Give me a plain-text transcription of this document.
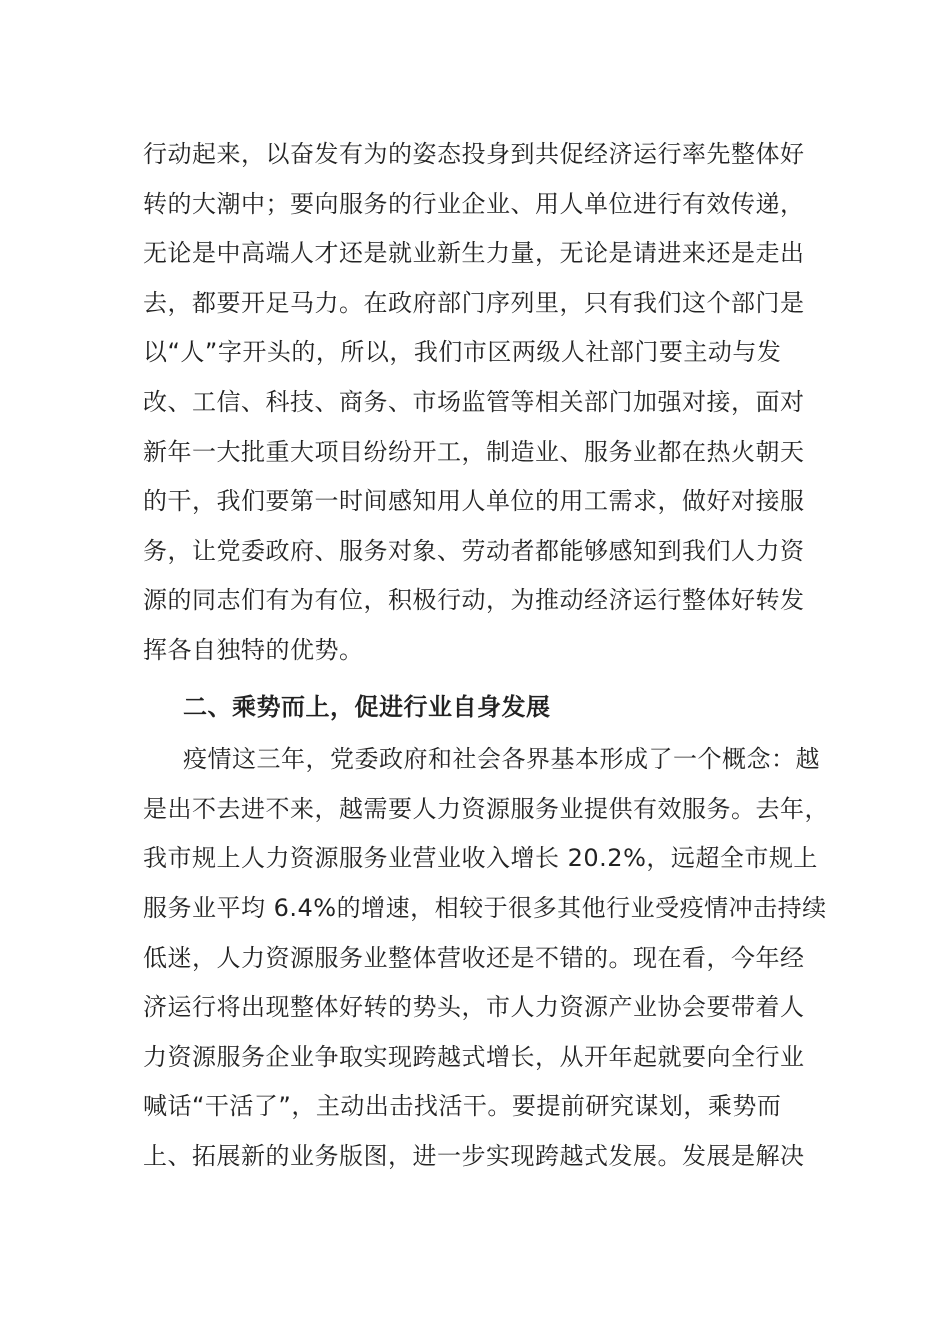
行动起来，以奋发有为的姿态投身到共促经济运行率先整体好
转的大潮中；要向服务的行业企业、用人单位进行有效传递，
无论是中高端人才还是就业新生力量，无论是请进来还是走出
去，都要开足马力。在政府部门序列里，只有我们这个部门是
以“人”字开头的，所以，我们市区两级人社部门要主动与发
改、工信、科技、商务、市场监管等相关部门加强对接，面对
新年一大批重大项目纷纷开工，制造业、服务业都在热火朝天
的干，我们要第一时间感知用人单位的用工需求，做好对接服
务，让党委政府、服务对象、劳动者都能够感知到我们人力资
源的同志们有为有位，积极行动，为推动经济运行整体好转发
挥各自独特的优势。
二、乘势而上，促进行业自身发展
疫情这三年，党委政府和社会各界基本形成了一个概念：越
是出不去进不来，越需要人力资源服务业提供有效服务。去年，
我市规上人力资源服务业营业收入增长 20.2%，远超全市规上
服务业平均 6.4%的增速，相较于很多其他行业受疫情冲击持续
低迷，人力资源服务业整体营收还是不错的。现在看，今年经
济运行将出现整体好转的势头，市人力资源产业协会要带着人
力资源服务企业争取实现跨越式增长，从开年起就要向全行业
喊话“干活了”，主动出击找活干。要提前研究谋划，乘势而
上、拓展新的业务版图，进一步实现跨越式发展。发展是解决
